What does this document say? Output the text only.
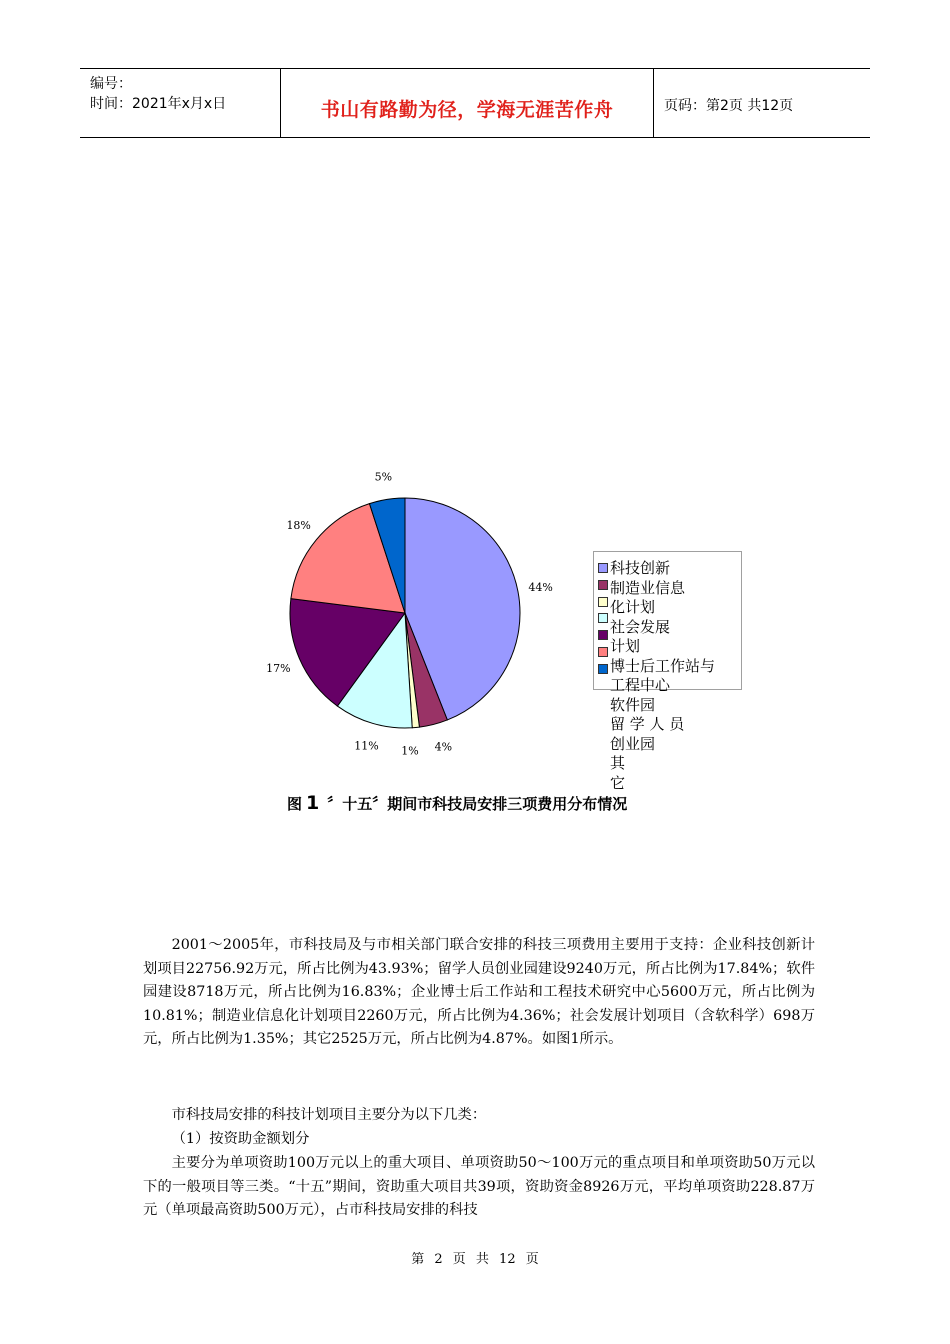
编号：
时间：2021年x月x日	书山有路勤为径，学海无涯苦作舟	页码：第2页 共12页
44%
4%
1%
11%
17%
18%
5%
科技创新
制造业信息
化计划
社会发展
计划
博士后工作站与
工程中心
软件园
留 学 人 员
创业园
其
它
图 1 〞十五〞期间市科技局安排三项费用分布情况
2001～2005年，市科技局及与市相关部门联合安排的科技三项费用主要用于支持：企业科技创新计划项目22756.92万元，所占比例为43.93%；留学人员创业园建设9240万元，所占比例为17.84%；软件园建设8718万元，所占比例为16.83%；企业博士后工作站和工程技术研究中心5600万元，所占比例为10.81%；制造业信息化计划项目2260万元，所占比例为4.36%；社会发展计划项目（含软科学）698万元，所占比例为1.35%；其它2525万元，所占比例为4.87%。如图1所示。
市科技局安排的科技计划项目主要分为以下几类：
（1）按资助金额划分
主要分为单项资助100万元以上的重大项目、单项资助50～100万元的重点项目和单项资助50万元以下的一般项目等三类。“十五”期间，资助重大项目共39项，资助资金8926万元，平均单项资助228.87万元（单项最高资助500万元），占市科技局安排的科技
第 2 页 共 12 页
